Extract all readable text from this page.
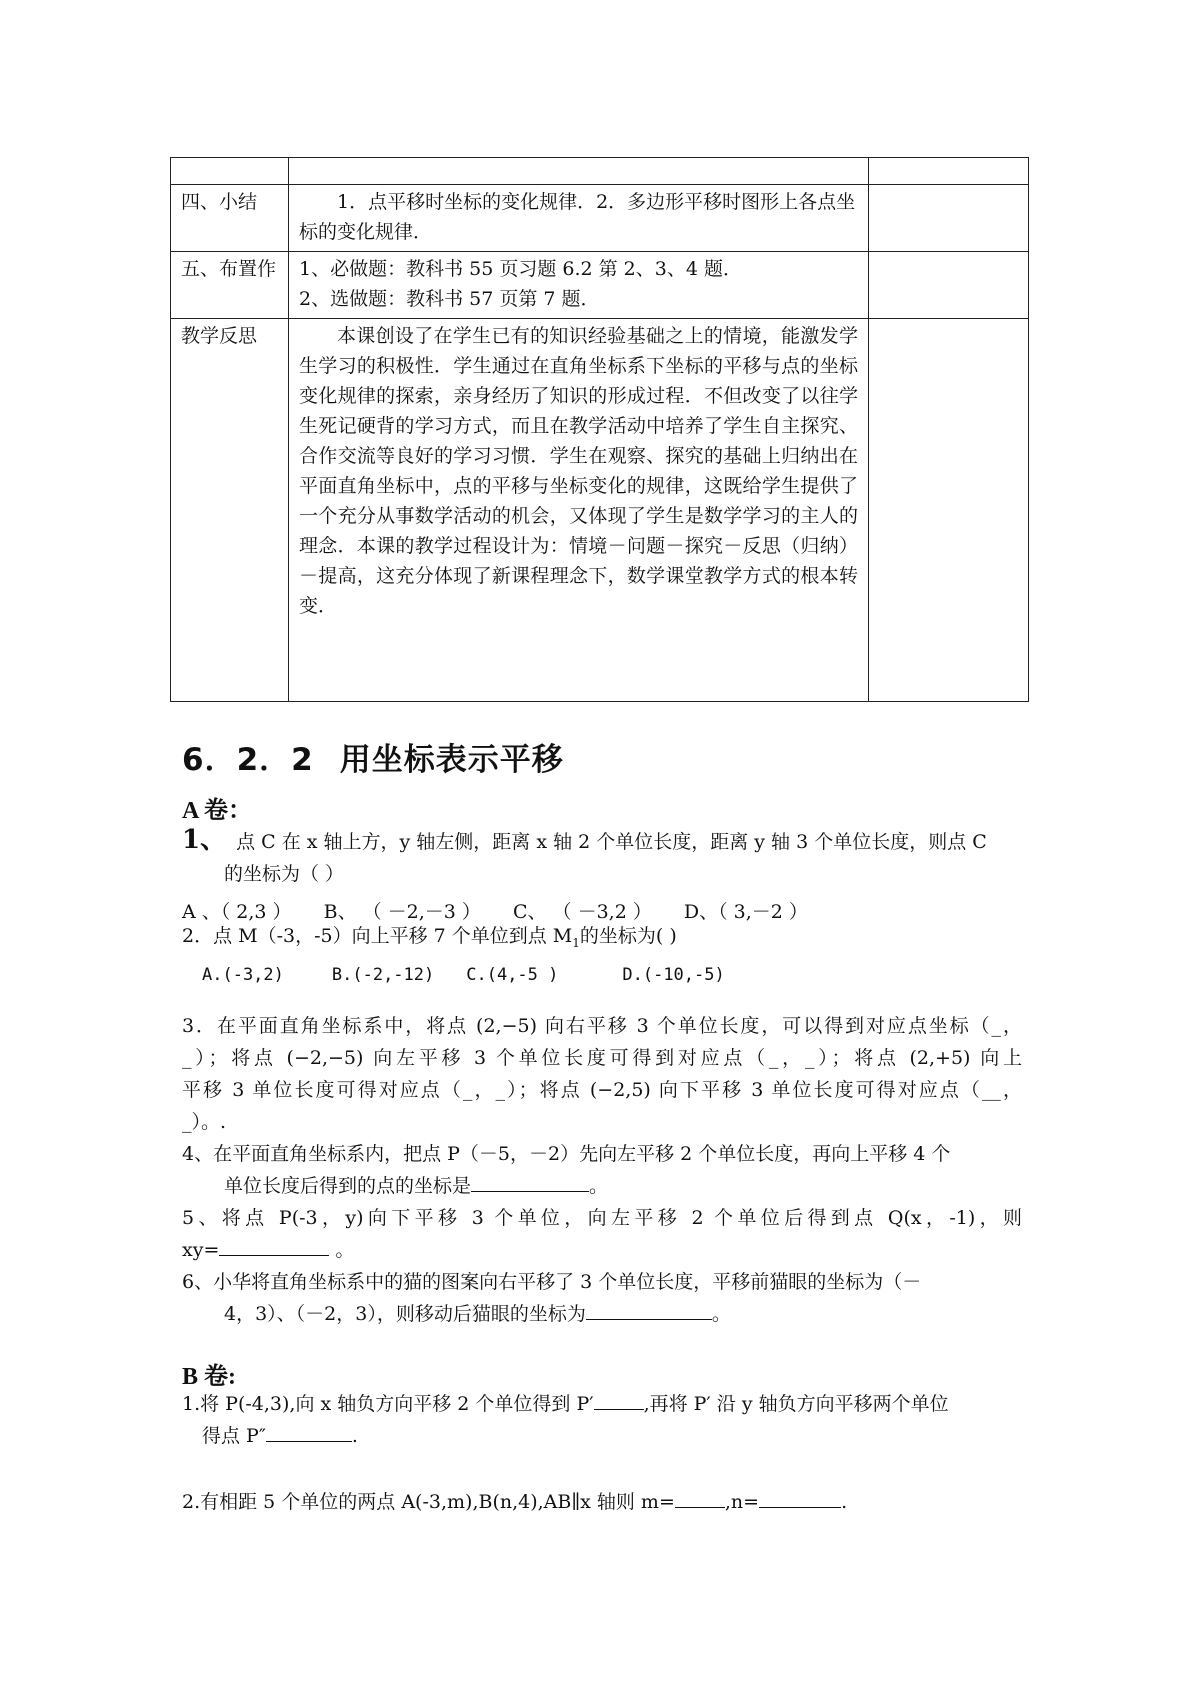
四、小结	1．点平移时坐标的变化规律．2．多边形平移时图形上各点坐标的变化规律．	
五、布置作	1、必做题：教科书 55 页习题 6.2 第 2、3、4 题．
2、选做题：教科书 57 页第 7 题．	

教学反思	本课创设了在学生已有的知识经验基础之上的情境，能激发学生学习的积极性．学生通过在直角坐标系下坐标的平移与点的坐标变化规律的探索，亲身经历了知识的形成过程．不但改变了以往学生死记硬背的学习方式，而且在教学活动中培养了学生自主探究、合作交流等良好的学习习惯．学生在观察、探究的基础上归纳出在平面直角坐标中，点的平移与坐标变化的规律，这既给学生提供了一个充分从事数学活动的机会，又体现了学生是数学学习的主人的理念．本课的教学过程设计为：情境－问题－探究－反思（归纳）－提高，这充分体现了新课程理念下，数学课堂教学方式的根本转变．	
6．2．2 用坐标表示平移
A 卷：
1、 点 C 在 x 轴上方，y 轴左侧，距离 x 轴 2 个单位长度，距离 y 轴 3 个单位长度，则点 C
的坐标为（ ）
A 、（ 2,3 ） B、 （ －2,－3 ） C、 （ －3,2 ） D、（ 3,－2 ）
2．点 M（-3，-5）向上平移 7 个单位到点 $M_1$的坐标为( )
A.(-3,2)	B.(-2,-12) C.(4,-5 )	D.(-10,-5)
3．在平面直角坐标系中，将点 (2,−5) 向右平移 3 个单位长度，可以得到对应点坐标（_，
_）；将点 (−2,−5) 向左平移 3 个单位长度可得到对应点（_，_）；将点 (2,+5) 向上
平移 3 单位长度可得对应点（_，_）；将点 (−2,5) 向下平移 3 单位长度可得对应点（__，
_）。.
4、在平面直角坐标系内，把点 P（－5，－2）先向左平移 2 个单位长度，再向上平移 4 个
单位长度后得到的点的坐标是	。
5、将点 P(-3，y)向下平移 3 个单位，向左平移 2 个单位后得到点 Q(x，-1)，则
xy=	。
6、小华将直角坐标系中的猫的图案向右平移了 3 个单位长度，平移前猫眼的坐标为（－
4，3）、（－2，3），则移动后猫眼的坐标为	。
B 卷:
1.将 P(-4,3),向 x 轴负方向平移 2 个单位得到 P′	,再将 P′ 沿 y 轴负方向平移两个单位
得点 P″	.
2.有相距 5 个单位的两点 A(-3,m),B(n,4),AB∥x 轴则 m=	,n=	.
